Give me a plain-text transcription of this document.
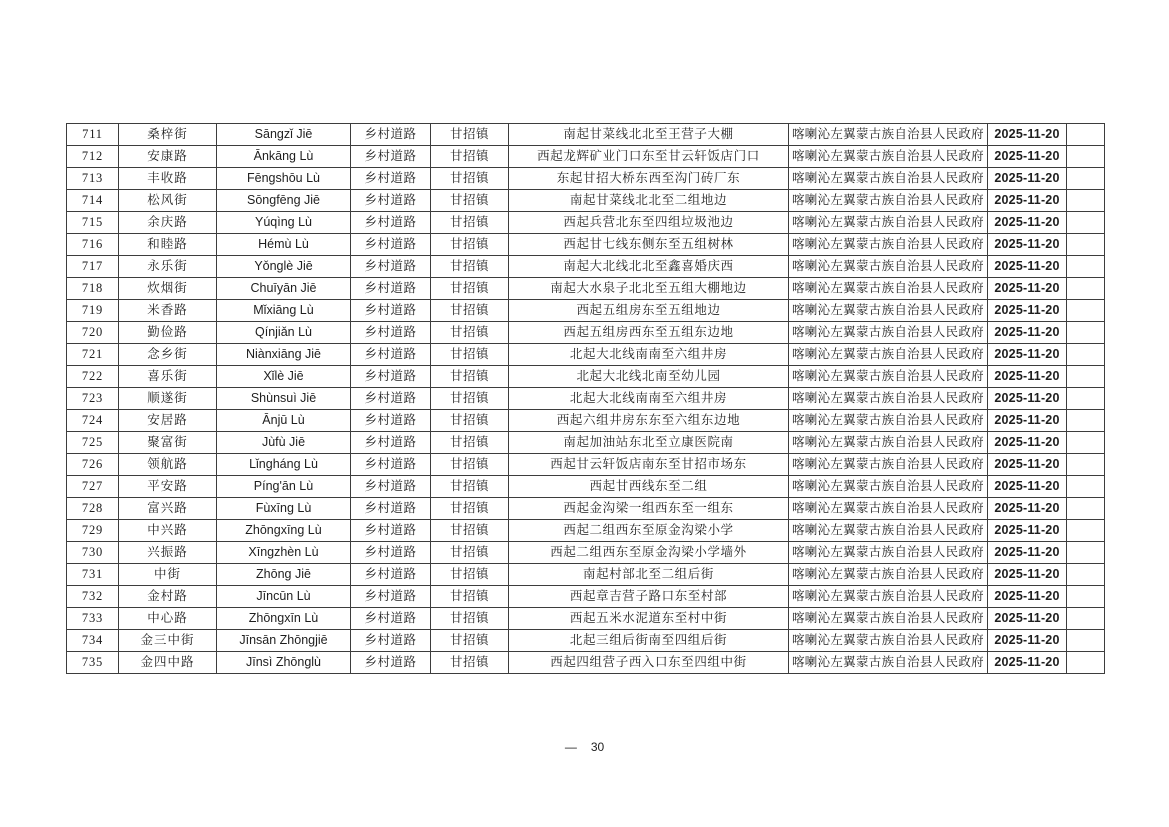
711	桑梓街	Sāngzǐ Jiē	乡村道路	甘招镇	南起甘菜线北北至王营子大棚	喀喇沁左翼蒙古族自治县人民政府	2025-11-20	
712	安康路	Ānkāng Lù	乡村道路	甘招镇	西起龙辉矿业门口东至甘云轩饭店门口	喀喇沁左翼蒙古族自治县人民政府	2025-11-20	
713	丰收路	Fēngshōu Lù	乡村道路	甘招镇	东起甘招大桥东西至沟门砖厂东	喀喇沁左翼蒙古族自治县人民政府	2025-11-20	
714	松风街	Sōngfēng Jiē	乡村道路	甘招镇	南起甘菜线北北至二组地边	喀喇沁左翼蒙古族自治县人民政府	2025-11-20	
715	余庆路	Yúqìng Lù	乡村道路	甘招镇	西起兵营北东至四组垃圾池边	喀喇沁左翼蒙古族自治县人民政府	2025-11-20	
716	和睦路	Hémù Lù	乡村道路	甘招镇	西起甘七线东侧东至五组树林	喀喇沁左翼蒙古族自治县人民政府	2025-11-20	
717	永乐街	Yǒnglè Jiē	乡村道路	甘招镇	南起大北线北北至鑫喜婚庆西	喀喇沁左翼蒙古族自治县人民政府	2025-11-20	
718	炊烟街	Chuīyān Jiē	乡村道路	甘招镇	南起大水泉子北北至五组大棚地边	喀喇沁左翼蒙古族自治县人民政府	2025-11-20	
719	米香路	Mǐxiāng Lù	乡村道路	甘招镇	西起五组房东至五组地边	喀喇沁左翼蒙古族自治县人民政府	2025-11-20	
720	勤俭路	Qínjiǎn Lù	乡村道路	甘招镇	西起五组房西东至五组东边地	喀喇沁左翼蒙古族自治县人民政府	2025-11-20	
721	念乡街	Niànxiāng Jiē	乡村道路	甘招镇	北起大北线南南至六组井房	喀喇沁左翼蒙古族自治县人民政府	2025-11-20	
722	喜乐街	Xǐlè Jiē	乡村道路	甘招镇	北起大北线北南至幼儿园	喀喇沁左翼蒙古族自治县人民政府	2025-11-20	
723	顺遂街	Shùnsuì Jiē	乡村道路	甘招镇	北起大北线南南至六组井房	喀喇沁左翼蒙古族自治县人民政府	2025-11-20	
724	安居路	Ānjū Lù	乡村道路	甘招镇	西起六组井房东东至六组东边地	喀喇沁左翼蒙古族自治县人民政府	2025-11-20	
725	聚富街	Jùfù Jiē	乡村道路	甘招镇	南起加油站东北至立康医院南	喀喇沁左翼蒙古族自治县人民政府	2025-11-20	
726	领航路	Lǐngháng Lù	乡村道路	甘招镇	西起甘云轩饭店南东至甘招市场东	喀喇沁左翼蒙古族自治县人民政府	2025-11-20	
727	平安路	Píng'ān Lù	乡村道路	甘招镇	西起甘西线东至二组	喀喇沁左翼蒙古族自治县人民政府	2025-11-20	
728	富兴路	Fùxīng Lù	乡村道路	甘招镇	西起金沟梁一组西东至一组东	喀喇沁左翼蒙古族自治县人民政府	2025-11-20	
729	中兴路	Zhōngxīng Lù	乡村道路	甘招镇	西起二组西东至原金沟梁小学	喀喇沁左翼蒙古族自治县人民政府	2025-11-20	
730	兴振路	Xīngzhèn Lù	乡村道路	甘招镇	西起二组西东至原金沟梁小学墙外	喀喇沁左翼蒙古族自治县人民政府	2025-11-20	
731	中街	Zhōng Jiē	乡村道路	甘招镇	南起村部北至二组后街	喀喇沁左翼蒙古族自治县人民政府	2025-11-20	
732	金村路	Jīncūn Lù	乡村道路	甘招镇	西起章吉营子路口东至村部	喀喇沁左翼蒙古族自治县人民政府	2025-11-20	
733	中心路	Zhōngxīn Lù	乡村道路	甘招镇	西起五米水泥道东至村中街	喀喇沁左翼蒙古族自治县人民政府	2025-11-20	
734	金三中街	Jīnsān Zhōngjiē	乡村道路	甘招镇	北起三组后街南至四组后街	喀喇沁左翼蒙古族自治县人民政府	2025-11-20	
735	金四中路	Jīnsì Zhōnglù	乡村道路	甘招镇	西起四组营子西入口东至四组中街	喀喇沁左翼蒙古族自治县人民政府	2025-11-20	
— 30
